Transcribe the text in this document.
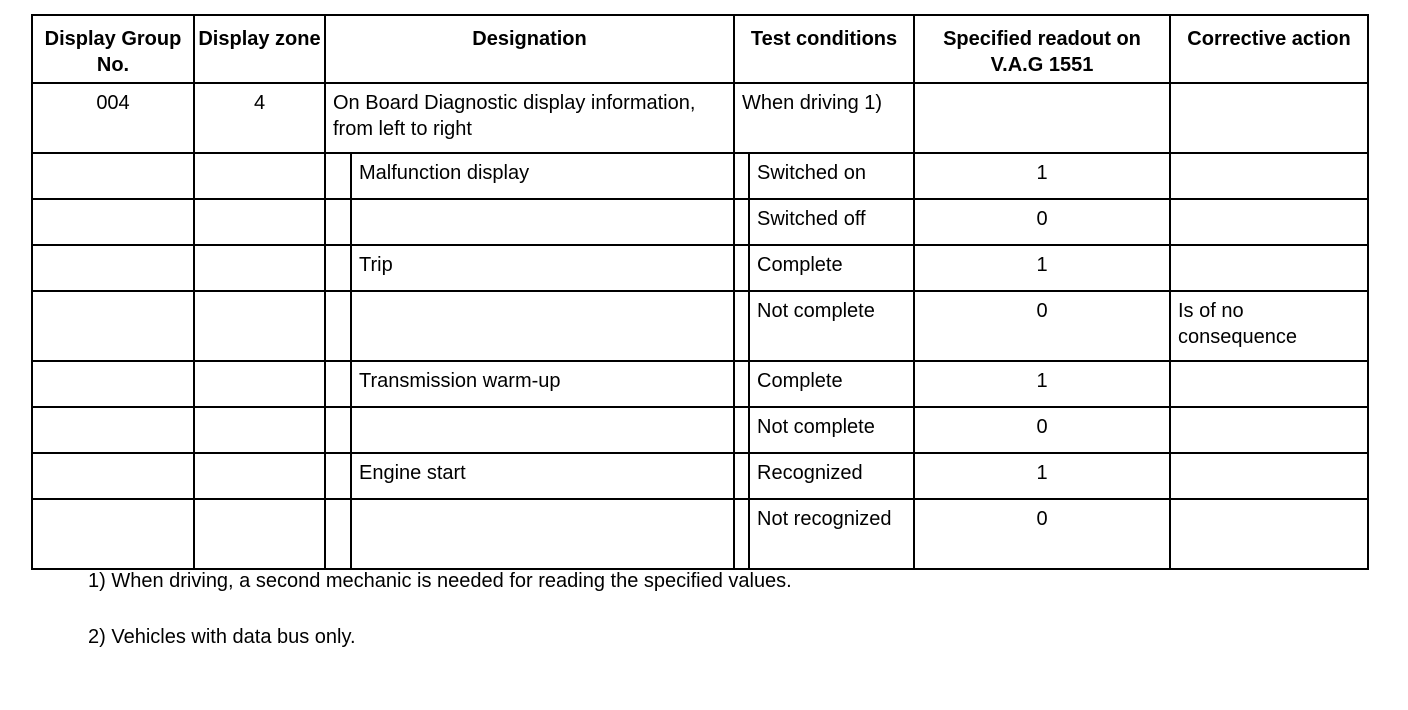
Display Group No.	Display zone	Designation		Test conditions		Specified readout on V.A.G 1551	Corrective action
004	4	On Board Diagnostic display information, from left to right		When driving 1)			
			Malfunction display		Switched on	1	
					Switched off	0	
			Trip		Complete	1	
					Not complete	0	Is of no consequence
			Transmission warm-up		Complete	1	
					Not complete	0	
			Engine start		Recognized	1	
					Not recognized	0	

1) When driving, a second mechanic is needed for reading the specified values.

2) Vehicles with data bus only.
